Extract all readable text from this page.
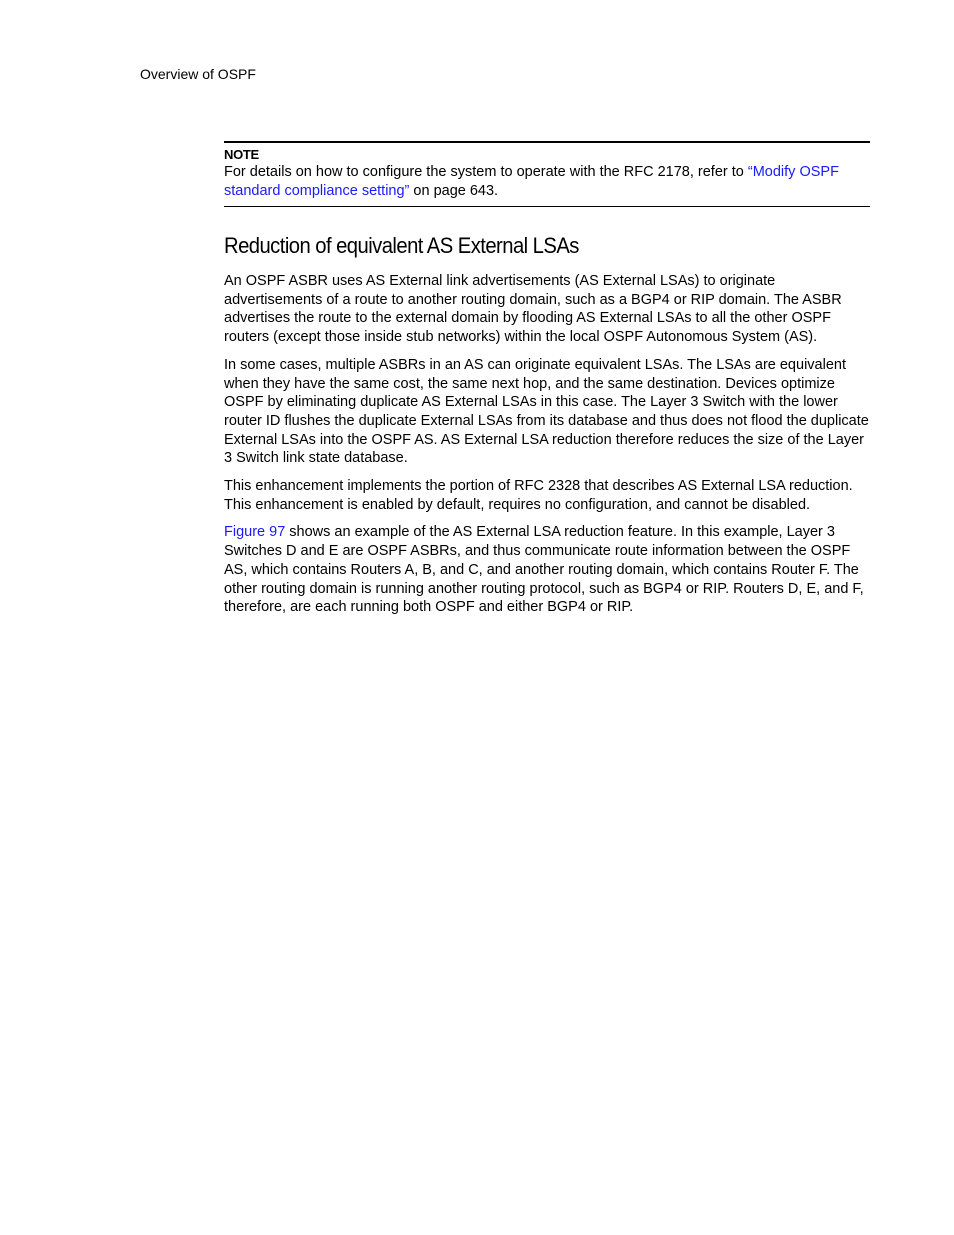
Overview of OSPF
NOTE
For details on how to configure the system to operate with the RFC 2178, refer to “Modify OSPF standard compliance setting” on page 643.
Reduction of equivalent AS External LSAs

An OSPF ASBR uses AS External link advertisements (AS External LSAs) to originate advertisements of a route to another routing domain, such as a BGP4 or RIP domain. The ASBR advertises the route to the external domain by flooding AS External LSAs to all the other OSPF routers (except those inside stub networks) within the local OSPF Autonomous System (AS).

In some cases, multiple ASBRs in an AS can originate equivalent LSAs. The LSAs are equivalent when they have the same cost, the same next hop, and the same destination. Devices optimize OSPF by eliminating duplicate AS External LSAs in this case. The Layer 3 Switch with the lower router ID flushes the duplicate External LSAs from its database and thus does not flood the duplicate External LSAs into the OSPF AS. AS External LSA reduction therefore reduces the size of the Layer 3 Switch link state database.

This enhancement implements the portion of RFC 2328 that describes AS External LSA reduction. This enhancement is enabled by default, requires no configuration, and cannot be disabled.

Figure 97 shows an example of the AS External LSA reduction feature. In this example, Layer 3 Switches D and E are OSPF ASBRs, and thus communicate route information between the OSPF AS, which contains Routers A, B, and C, and another routing domain, which contains Router F. The other routing domain is running another routing protocol, such as BGP4 or RIP. Routers D, E, and F, therefore, are each running both OSPF and either BGP4 or RIP.
